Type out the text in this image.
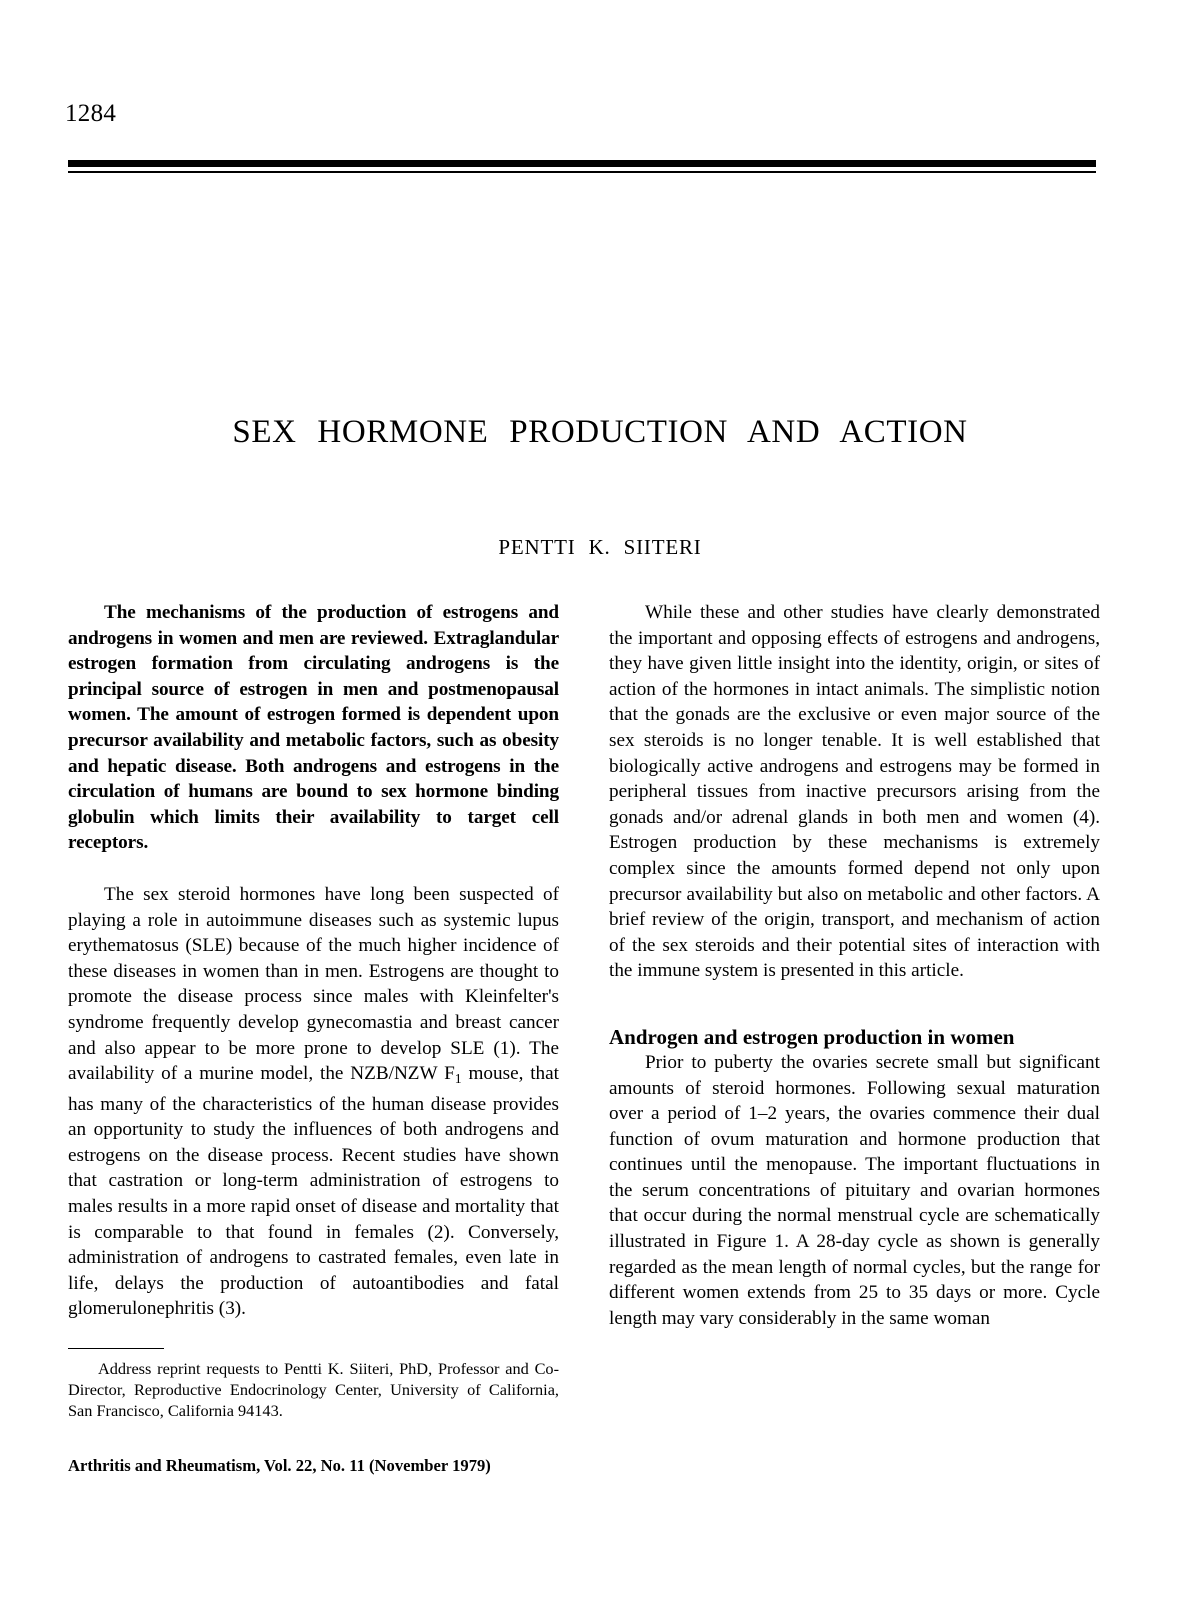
1284
SEX HORMONE PRODUCTION AND ACTION
PENTTI K. SIITERI

The mechanisms of the production of estrogens and androgens in women and men are reviewed. Extraglandular estrogen formation from circulating androgens is the principal source of estrogen in men and postmenopausal women. The amount of estrogen formed is dependent upon precursor availability and metabolic factors, such as obesity and hepatic disease. Both androgens and estrogens in the circulation of humans are bound to sex hormone binding globulin which limits their availability to target cell receptors.

The sex steroid hormones have long been suspected of playing a role in autoimmune diseases such as systemic lupus erythematosus (SLE) because of the much higher incidence of these diseases in women than in men. Estrogens are thought to promote the disease process since males with Kleinfelter's syndrome frequently develop gynecomastia and breast cancer and also appear to be more prone to develop SLE (1). The availability of a murine model, the NZB/NZW $F_1$ mouse, that has many of the characteristics of the human disease provides an opportunity to study the influences of both androgens and estrogens on the disease process. Recent studies have shown that castration or long-term administration of estrogens to males results in a more rapid onset of disease and mortality that is comparable to that found in females (2). Conversely, administration of androgens to castrated females, even late in life, delays the production of autoantibodies and fatal glomerulonephritis (3).

Address reprint requests to Pentti K. Siiteri, PhD, Professor and Co-Director, Reproductive Endocrinology Center, University of California, San Francisco, California 94143.

Arthritis and Rheumatism, Vol. 22, No. 11 (November 1979)

While these and other studies have clearly demonstrated the important and opposing effects of estrogens and androgens, they have given little insight into the identity, origin, or sites of action of the hormones in intact animals. The simplistic notion that the gonads are the exclusive or even major source of the sex steroids is no longer tenable. It is well established that biologically active androgens and estrogens may be formed in peripheral tissues from inactive precursors arising from the gonads and/or adrenal glands in both men and women (4). Estrogen production by these mechanisms is extremely complex since the amounts formed depend not only upon precursor availability but also on metabolic and other factors. A brief review of the origin, transport, and mechanism of action of the sex steroids and their potential sites of interaction with the immune system is presented in this article.

Androgen and estrogen production in women

Prior to puberty the ovaries secrete small but significant amounts of steroid hormones. Following sexual maturation over a period of 1–2 years, the ovaries commence their dual function of ovum maturation and hormone production that continues until the menopause. The important fluctuations in the serum concentrations of pituitary and ovarian hormones that occur during the normal menstrual cycle are schematically illustrated in Figure 1. A 28-day cycle as shown is generally regarded as the mean length of normal cycles, but the range for different women extends from 25 to 35 days or more. Cycle length may vary considerably in the same woman
